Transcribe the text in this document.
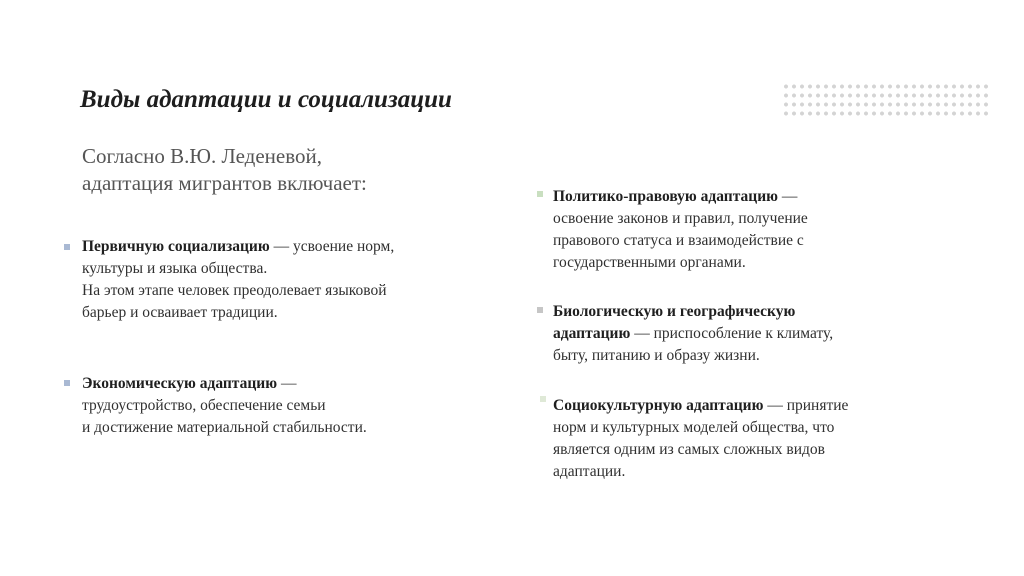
Виды адаптации и социализации
Согласно В.Ю. Леденевой,
адаптация мигрантов включает:
Первичную социализацию — усвоение норм,
культуры и языка общества.
На этом этапе человек преодолевает языковой
барьер и осваивает традиции.
Экономическую адаптацию —
трудоустройство, обеспечение семьи
и достижение материальной стабильности.
Политико-правовую адаптацию —
освоение законов и правил, получение
правового статуса и взаимодействие с
государственными органами.
Биологическую и географическую
адаптацию — приспособление к климату,
быту, питанию и образу жизни.
Социокультурную адаптацию — принятие
норм и культурных моделей общества, что
является одним из самых сложных видов
адаптации.
